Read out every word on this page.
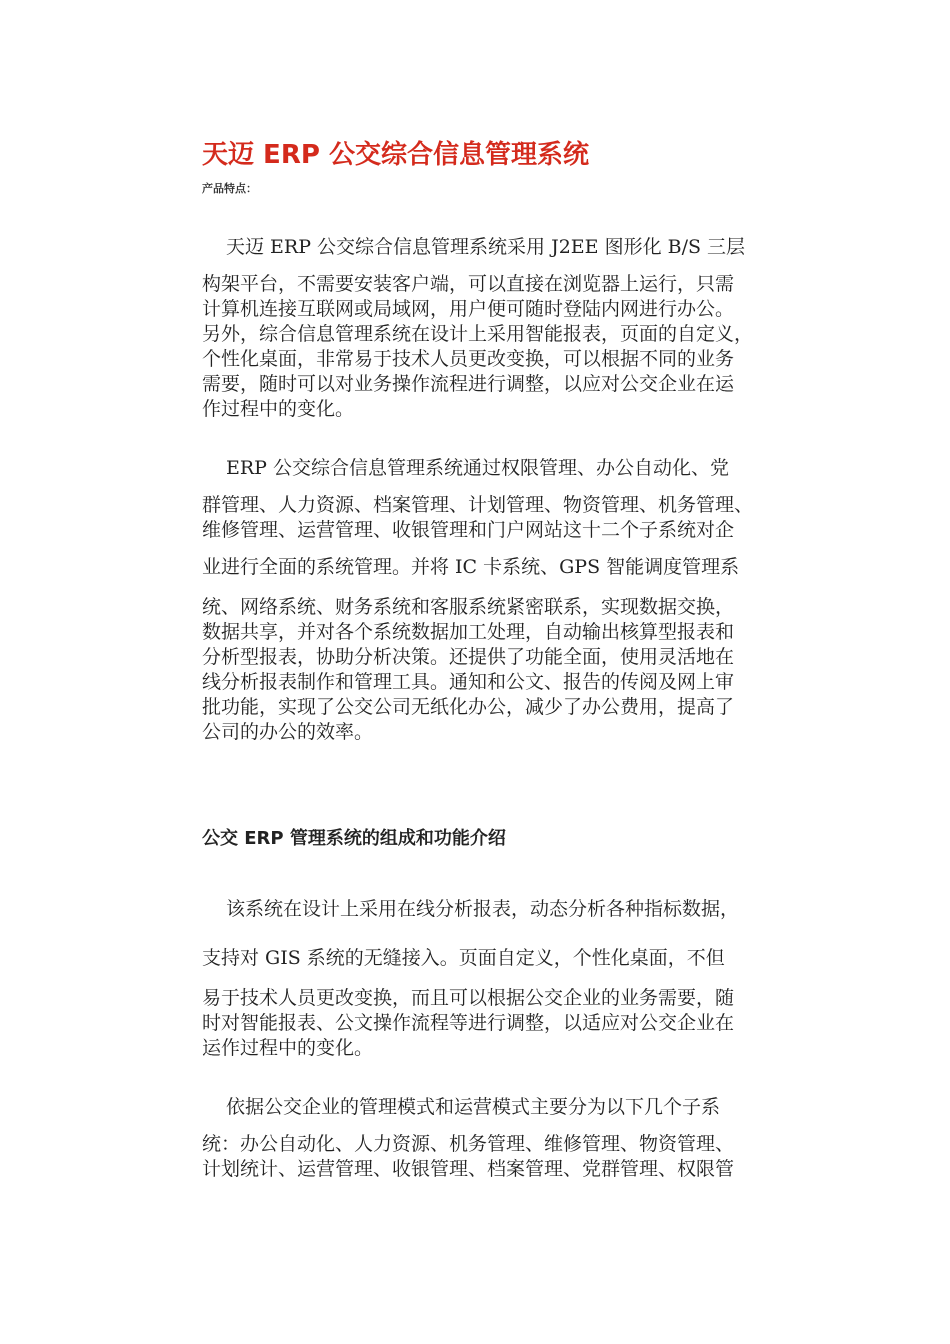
天迈 ERP 公交综合信息管理系统
产品特点：
天迈 ERP 公交综合信息管理系统采用 J2EE 图形化 B/S 三层
构架平台，不需要安装客户端，可以直接在浏览器上运行，只需
计算机连接互联网或局域网，用户便可随时登陆内网进行办公。
另外，综合信息管理系统在设计上采用智能报表，页面的自定义，
个性化桌面，非常易于技术人员更改变换，可以根据不同的业务
需要，随时可以对业务操作流程进行调整，以应对公交企业在运
作过程中的变化。
ERP 公交综合信息管理系统通过权限管理、办公自动化、党
群管理、人力资源、档案管理、计划管理、物资管理、机务管理、
维修管理、运营管理、收银管理和门户网站这十二个子系统对企
业进行全面的系统管理。并将 IC 卡系统、GPS 智能调度管理系
统、网络系统、财务系统和客服系统紧密联系，实现数据交换，
数据共享，并对各个系统数据加工处理，自动输出核算型报表和
分析型报表，协助分析决策。还提供了功能全面，使用灵活地在
线分析报表制作和管理工具。通知和公文、报告的传阅及网上审
批功能，实现了公交公司无纸化办公，减少了办公费用，提高了
公司的办公的效率。
公交 ERP 管理系统的组成和功能介绍
该系统在设计上采用在线分析报表，动态分析各种指标数据，
支持对 GIS 系统的无缝接入。页面自定义，个性化桌面，不但
易于技术人员更改变换，而且可以根据公交企业的业务需要，随
时对智能报表、公文操作流程等进行调整，以适应对公交企业在
运作过程中的变化。
依据公交企业的管理模式和运营模式主要分为以下几个子系
统：办公自动化、人力资源、机务管理、维修管理、物资管理、
计划统计、运营管理、收银管理、档案管理、党群管理、权限管
